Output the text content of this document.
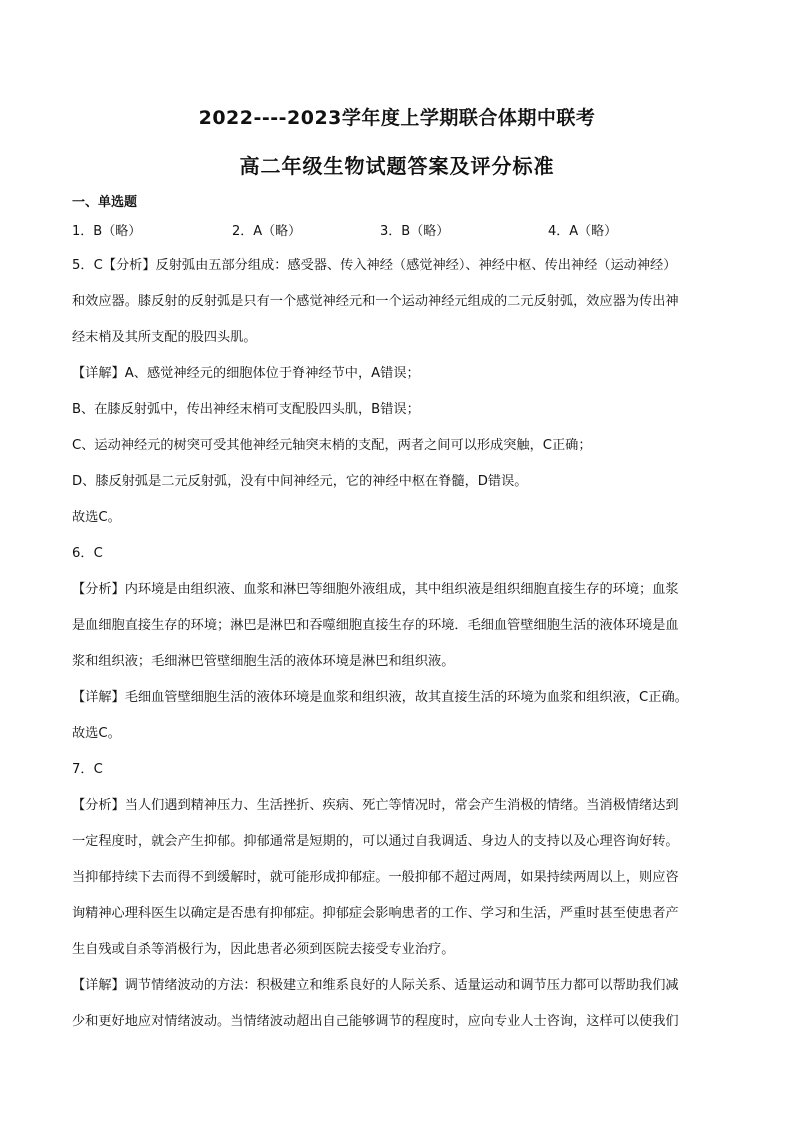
2022----2023学年度上学期联合体期中联考
高二年级生物试题答案及评分标准
一、单选题
1．B（略）	2．A（略）	3．B（略）	4．A（略）
5．C【分析】反射弧由五部分组成：感受器、传入神经（感觉神经）、神经中枢、传出神经（运动神经）
和效应器。膝反射的反射弧是只有一个感觉神经元和一个运动神经元组成的二元反射弧，效应器为传出神
经末梢及其所支配的股四头肌。
【详解】A、感觉神经元的细胞体位于脊神经节中，A错误；
B、在膝反射弧中，传出神经末梢可支配股四头肌，B错误；
C、运动神经元的树突可受其他神经元轴突末梢的支配，两者之间可以形成突触，C正确；
D、膝反射弧是二元反射弧，没有中间神经元，它的神经中枢在脊髓，D错误。
故选C。
6．C
【分析】内环境是由组织液、血浆和淋巴等细胞外液组成，其中组织液是组织细胞直接生存的环境；血浆
是血细胞直接生存的环境；淋巴是淋巴和吞噬细胞直接生存的环境．毛细血管壁细胞生活的液体环境是血
浆和组织液；毛细淋巴管壁细胞生活的液体环境是淋巴和组织液。
【详解】毛细血管壁细胞生活的液体环境是血浆和组织液，故其直接生活的环境为血浆和组织液，C正确。
故选C。
7．C
【分析】当人们遇到精神压力、生活挫折、疾病、死亡等情况时，常会产生消极的情绪。当消极情绪达到
一定程度时，就会产生抑郁。抑郁通常是短期的，可以通过自我调适、身边人的支持以及心理咨询好转。
当抑郁持续下去而得不到缓解时，就可能形成抑郁症。一般抑郁不超过两周，如果持续两周以上，则应咨
询精神心理科医生以确定是否患有抑郁症。抑郁症会影响患者的工作、学习和生活，严重时甚至使患者产
生自残或自杀等消极行为，因此患者必须到医院去接受专业治疗。
【详解】调节情绪波动的方法：积极建立和维系良好的人际关系、适量运动和调节压力都可以帮助我们减
少和更好地应对情绪波动。当情绪波动超出自己能够调节的程度时，应向专业人士咨询，这样可以使我们
